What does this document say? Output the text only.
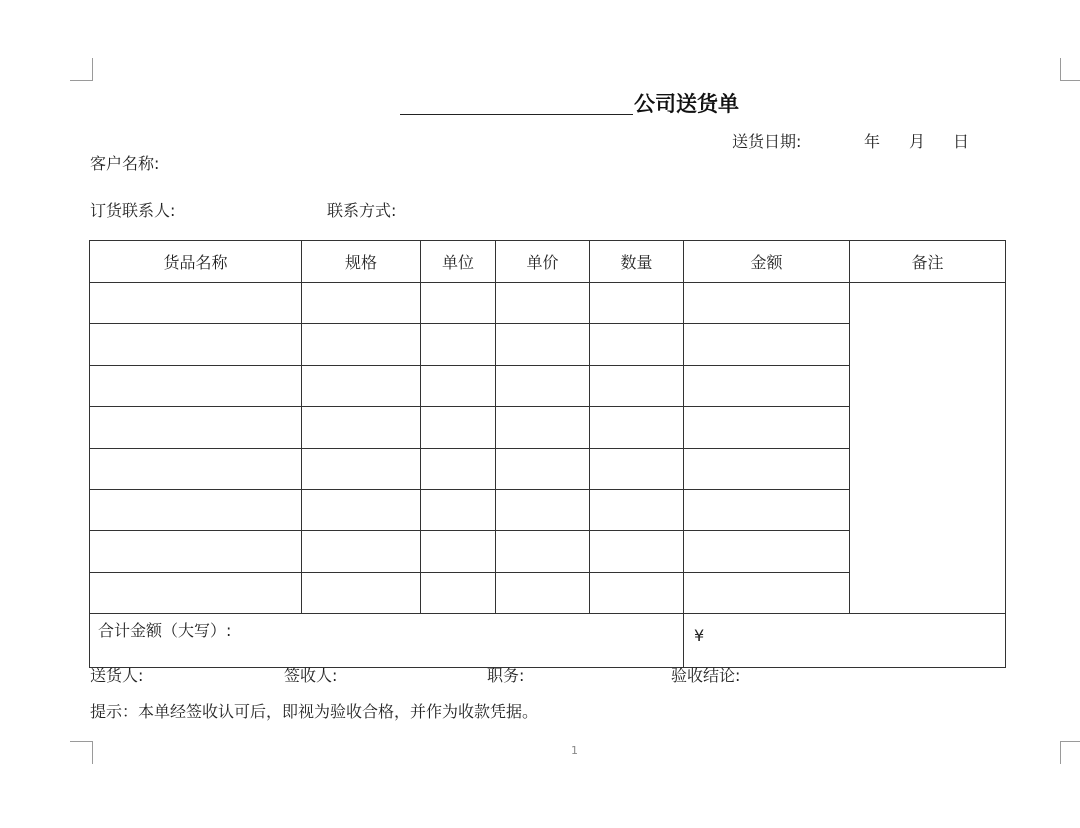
公司送货单
送货日期:	年 月 日
客户名称:
订货联系人:	联系方式:
货品名称	规格	单位	单价	数量	金额	备注

合计金额（大写）:					¥	
送货人:	签收人:	职务:	验收结论:
提示：本单经签收认可后，即视为验收合格，并作为收款凭据。
1
